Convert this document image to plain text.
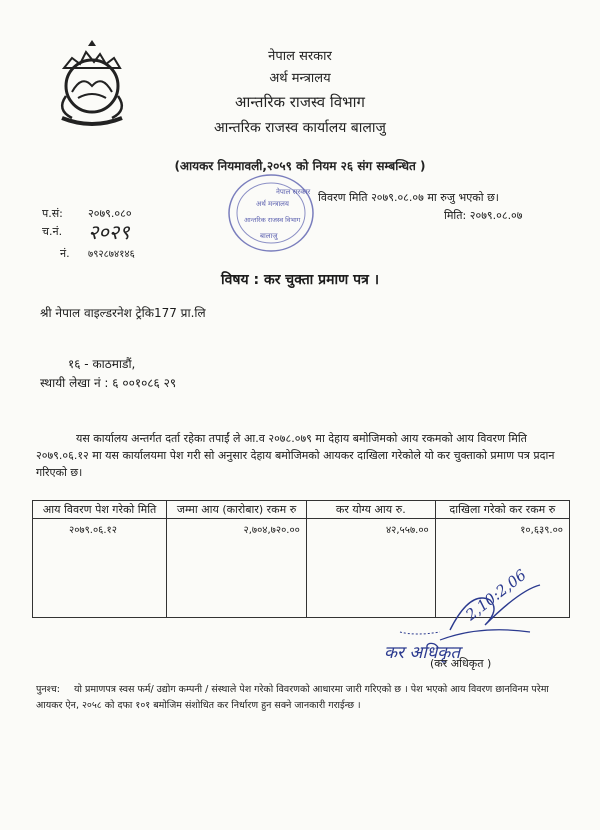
नेपाल सरकार
अर्थ मन्त्रालय
आन्तरिक राजस्व विभाग
आन्तरिक राजस्व कार्यालय बालाजु
(आयकर नियमावली,२०५९ को नियम २६ संग सम्बन्धित )
प.सं: २०७९.०८०
च.नं. २०२९
नं. ७९२८७४१४६
नेपाल सरकार
अर्थ मन्त्रालय
आन्तरिक राजस्व विभाग
बालाजु
विवरण मिति २०७९.०८.०७ मा रुजु भएको छ।
मिति: २०७९.०८.०७
विषय : कर चुक्ता प्रमाण पत्र ।
श्री नेपाल वाइल्डरनेश ट्रेकि177 प्रा.लि
१६ - काठमाडौं,
स्थायी लेखा नं : ६ ००१०८६ २९
यस कार्यालय अन्तर्गत दर्ता रहेका तपाईं ले आ.व २०७८.०७९ मा देहाय बमोजिमको आय रकमको आय विवरण मिति २०७९.०६.१२ मा यस कार्यालयमा पेश गरी सो अनुसार देहाय बमोजिमको आयकर दाखिला गरेकोले यो कर चुक्ताको प्रमाण पत्र प्रदान गरिएको छ।
आय विवरण पेश गरेको मिति	जम्मा आय (कारोबार) रकम रु	कर योग्य आय रु.	दाखिला गरेको कर रकम रु
२०७९.०६.१२	२,७०४,७२०.००	४२,५५७.००	१०,६३९.००
2,10:2,06
कर अधिकृत
(कर अधिकृत )
पुनश्च: यो प्रमाणपत्र स्वस फर्म/ उद्योग कम्पनी / संस्थाले पेश गरेको विवरणको आधारमा जारी गरिएको छ । पेश भएको आय विवरण छानविनम परेमा आयकर ऐन, २०५८ को दफा १०१ बमोजिम संशोधित कर निर्धारण हुन सक्ने जानकारी गराईन्छ ।
